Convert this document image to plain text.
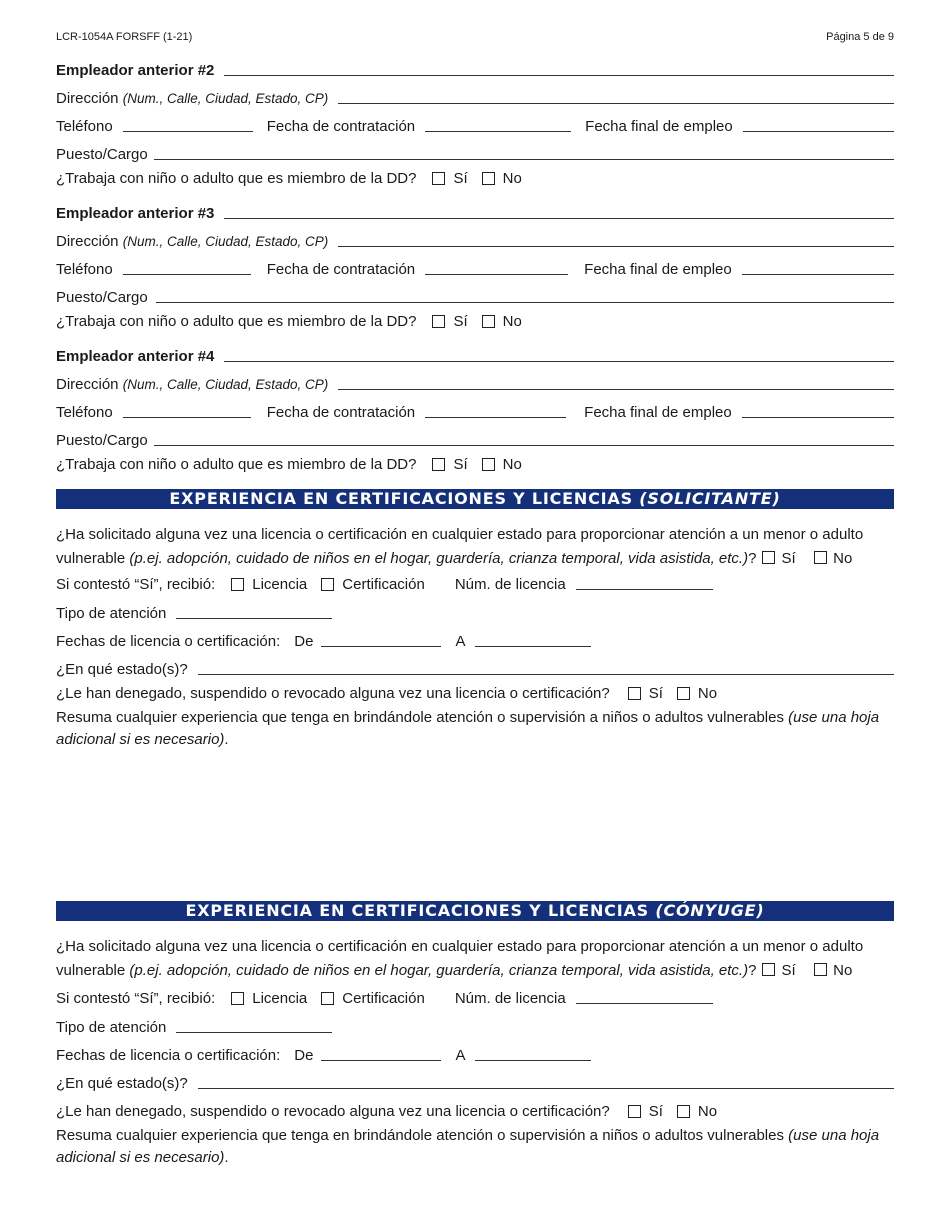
LCR-1054A FORSFF (1-21)	Página 5 de 9
Empleador anterior #2
Dirección (Num., Calle, Ciudad, Estado, CP)
Teléfono	Fecha de contratación	Fecha final de empleo
Puesto/Cargo
¿Trabaja con niño o adulto que es miembro de la DD?	Sí	No
Empleador anterior #3
Dirección (Num., Calle, Ciudad, Estado, CP)
Teléfono	Fecha de contratación	Fecha final de empleo
Puesto/Cargo
¿Trabaja con niño o adulto que es miembro de la DD?	Sí	No
Empleador anterior #4
Dirección (Num., Calle, Ciudad, Estado, CP)
Teléfono	Fecha de contratación	Fecha final de empleo
Puesto/Cargo
¿Trabaja con niño o adulto que es miembro de la DD?	Sí	No
EXPERIENCIA EN CERTIFICACIONES Y LICENCIAS (SOLICITANTE)
¿Ha solicitado alguna vez una licencia o certificación en cualquier estado para proporcionar atención a un menor o adulto vulnerable (p.ej. adopción, cuidado de niños en el hogar, guardería, crianza temporal, vida asistida, etc.)? Sí	No
Si contestó “Sí”, recibió:	Licencia	Certificación	Núm. de licencia
Tipo de atención
Fechas de licencia o certificación: De	A
¿En qué estado(s)?
¿Le han denegado, suspendido o revocado alguna vez una licencia o certificación?	Sí	No
Resuma cualquier experiencia que tenga en brindándole atención o supervisión a niños o adultos vulnerables (use una hoja adicional si es necesario).
EXPERIENCIA EN CERTIFICACIONES Y LICENCIAS (CÓNYUGE)
¿Ha solicitado alguna vez una licencia o certificación en cualquier estado para proporcionar atención a un menor o adulto vulnerable (p.ej. adopción, cuidado de niños en el hogar, guardería, crianza temporal, vida asistida, etc.)? Sí	No
Si contestó “Sí”, recibió:	Licencia	Certificación	Núm. de licencia
Tipo de atención
Fechas de licencia o certificación: De	A
¿En qué estado(s)?
¿Le han denegado, suspendido o revocado alguna vez una licencia o certificación?	Sí	No
Resuma cualquier experiencia que tenga en brindándole atención o supervisión a niños o adultos vulnerables (use una hoja adicional si es necesario).
